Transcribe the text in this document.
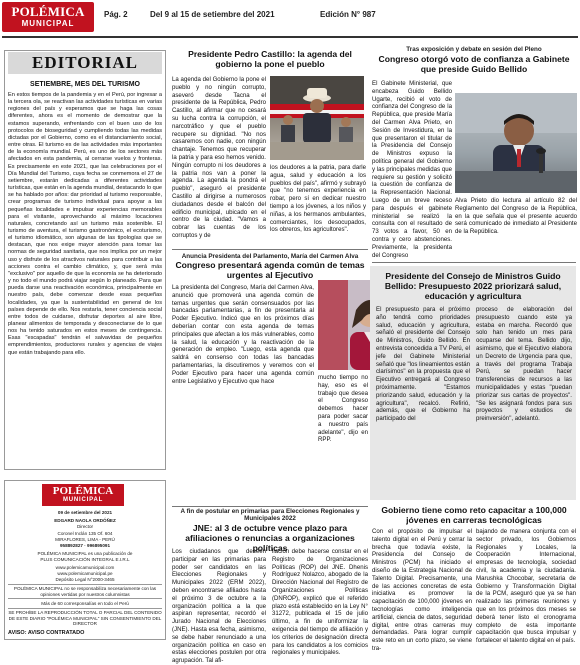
POLÉMICA
MUNICIPAL
Pág. 2	Del 9 al 15 de setiembre del 2021	Edición N° 987
EDITORIAL
SETIEMBRE, MES DEL TURISMO
En estos tiempos de la pandemia y en el Perú, por ingresar a la tercera ola, se reactivan las actividades turísticas en varias regiones del país y esperamos que se haga las cosas diferentes, ahora es el momento de demostrar que la estamos superando, enfrentando con el buen uso de los protocolos de bioseguridad y cumpliendo todas las medidas dictadas por el Gobierno, como es el distanciamiento social, entre otras. El turismo es de las actividades más importantes de la economía mundial. Perú, es uno de los sectores más afectados en esta pandemia, al cerrarse vuelos y fronteras. Es precisamente en este 2021, que las celebraciones por el Día Mundial del Turismo, cuya fecha se conmemora el 27 de setiembre, estarán dedicadas a diferentes actividades turísticas, que están en la agenda mundial, destacando lo que se ha hablado por años: dar prioridad al turismo responsable, crear programas de turismo individual para apoyar a las pequeñas localidades e impulsar experiencias memorables para el visitante, aprovechando al máximo locaciones naturales, concretando así un turismo más sostenible. El turismo de aventura, el turismo gastronómico, el ecoturismo, el turismo idiomático, son algunas de las tipologías que se destacan, que nos exige mayor atención para tomar las normas de seguridad sanitaria, que nos implica por un mejor uso y disfrute de los atractivos naturales para contribuir a las acciones contra el cambio climático, y, que será más "exclusivo" por aquello de que la economía se ha deteriorado y no todo el mundo podrá viajar según lo planeado. Para que pueda darse una reactivación económica, principalmente en nuestro país, debe comenzar desde esas pequeñas localidades, ya que la sustentabilidad en general de los países depende de ello. Nos restaría, tener conciencia social entre todos de cuidarse, disfrutar deportes al aire libre, planear alimentos de temporada y desconectarse de lo que nos ha tenido saturados en estos meses de contingencia. Esas "escapadas" tendrán el salvavidas de pequeños emprendimientos, productores rurales y agencias de viajes que están trabajando para ello.
POLÉMICA
MUNICIPAL
09 de setiembre del 2021
EDGARD NAOLA ORDÓÑEZ
Director
Coronel Inclán 135 Of. 604
MIRAFLORES, LIMA - PERÚ
958892827 · 996895091
POLÉMICA MUNICIPAL es una publicación de
PLUS COMUNICACIÓN INTEGRAL E.I.R.L
www.polemicamunicipal.com
www.polemicamunicipal.pe
Depósito Legal N°2000-3465
POLÉMICA MUNICIPAL no se responsabiliza necesariamente con las opiniones vertidas por nuestros columnistas
Más de 60 corresponsalías en todo el Perú
SE PROHÍBE LA REPRODUCCIÓN TOTAL O PARCIAL DEL CONTENIDO DE ESTE DIARIO "POLÉMICA MUNICIPAL" SIN CONSENTIMIENTO DEL DIRECTOR
AVISO: AVISO CONTRATADO
Presidente Pedro Castillo: la agenda del gobierno la pone el pueblo
La agenda del Gobierno la pone el pueblo y no ningún corrupto, aseveró desde Tacna el presidente de la República, Pedro Castillo, al afirmar que no cesará su lucha contra la corrupción, el narcotráfico y que el pueblo recupere su dignidad. "No nos casaremos con nadie, con ningún chantaje. Tenemos que recuperar la patria y para eso hemos venido. Ningún corrupto ni los deudores a la patria nos van a poner la agenda. La agenda la pondrá el pueblo", aseguró el presidente Castillo al dirigirse a numerosos ciudadanos desde el balcón del edificio municipal, ubicado en el centro de la ciudad. "Vamos a cobrar las cuentas de los corruptos y de
los deudores a la patria, para darle agua, salud y educación a los pueblos del país", afirmó y subrayó que "no tenemos experiencia en robar, pero sí en dedicar nuestro tiempo a los jóvenes, a los niños y niñas, a los hermanos ambulantes, comerciantes, los desocupados, los obreros, los agricultores".
Tras exposición y debate en sesión del Pleno
Congreso otorgó voto de confianza a Gabinete que preside Guido Bellido
El Gabinete Ministerial, que encabeza Guido Bellido Ugarte, recibió el voto de confianza del Congreso de la República, que preside María del Carmen Alva Prieto, en Sesión de Investidura, en la que presentaron el titular de la Presidencia del Consejo de Ministros expuso la política general del Gobierno y las principales medidas que requiere su gestión y solicitó la cuestión de confianza de la Representación Nacional. Luego de un breve receso para después el gabinete ministerial se realizó la consulta con el resultado de 73 votos a favor, 50 en contra y cero abstenciones. Previamente, la presidenta del Congreso
Alva Prieto dio lectura al artículo 82 del Reglamento del Congreso de la República, en la que señala que el presente acuerdo será comunicado de inmediato al Presidente de la República.
Anuncia Presidenta del Parlamento, María del Carmen Alva
Congreso presentará agenda común de temas urgentes al Ejecutivo
La presidenta del Congreso, María del Carmen Alva, anunció que promoverá una agenda común de temas urgentes que serán consensuados por las bancadas parlamentarias, a fin de presentarla al Poder Ejecutivo. Indicó que en los próximos días deberían contar con esta agenda de temas principales que afectan a los más vulnerables, como la salud, la educación y la reactivación de la generación de empleo. "Luego, esta agenda que saldrá en consenso con todas las bancadas parlamentarias, la discutiremos y veremos con el Poder Ejecutivo para hacer una agenda común entre Legislativo y Ejecutivo que hace
mucho tiempo no hay, eso es el trabajo que desea el Congreso debemos hacer para poder sacar a nuestro país adelante", dijo en RPP.
Presidente del Consejo de Ministros Guido Bellido: Presupuesto 2022 priorizará salud, educación y agricultura
El presupuesto para el próximo año tendrá como prioridades salud, educación y agricultura, señaló el presidente del Consejo de Ministros, Guido Bellido. En entrevista concedida a TV Perú, el jefe del Gabinete Ministerial señaló que "los lineamientos están clarísimos" en la propuesta que el Ejecutivo entregará al Congreso próximamente. "Estamos priorizando salud, educación y la agricultura", recalcó. Refirió, además, que el Gobierno ha participado del
proceso de elaboración del presupuesto cuando este ya estaba en marcha. Recordó que solo han tenido un mes para ocuparse del tema. Bellido dijo, asimismo, que el Ejecutivo elabora un Decreto de Urgencia para que, a través del programa Trabaja Perú, se puedan hacer transferencias de recursos a las municipalidades y estas "puedan priorizar sus cartas de proyectos". "Se les asignará fondos para sus proyectos y estudios de preinversión", adelantó.
A fin de postular en primarias para Elecciones Regionales y Municipales 2022
JNE: al 3 de octubre vence plazo para afiliaciones o renuncias a organizaciones políticas
Los ciudadanos que deseen participar en las primarias para poder ser candidatos en las Elecciones Regionales y Municipales 2022 (ERM 2022), deben encontrarse afiliados hasta el próximo 3 de octubre a la organización política a la que aspiran representar, recordó el Jurado Nacional de Elecciones (JNE). Hasta esa fecha, asimismo, se debe haber renunciado a una organización política en caso en estas elecciones postulen por otra agrupación. Tal afi-
liación debe hacerse constar en el Registro de Organizaciones Políticas (ROP) del JNE. Dhenis Rodríguez Nolazco, abogado de la Dirección Nacional del Registro de Organizaciones Políticas (DNROP), explicó que el referido plazo está establecido en la Ley N° 31272, publicada el 15 de julio último, a fin de uniformizar la exigencia del tiempo de afiliación y los criterios de designación directa para los candidatos a los comicios regionales y municipales.
Gobierno tiene como reto capacitar a 100,000 jóvenes en carreras tecnológicas
Con el propósito de impulsar el talento digital en el Perú y cerrar la brecha que todavía existe, la Presidencia del Consejo de Ministros (PCM) ha iniciado el diseño de la Estrategia Nacional de Talento Digital. Precisamente, una de las acciones concretas de esta iniciativa es promover la capacitación de 100,000 jóvenes en tecnologías como inteligencia artificial, ciencia de datos, seguridad digital, entre otras carreras muy demandadas. Para lograr cumplir este reto en un corto plazo, se viene tra-
bajando de manera conjunta con el sector privado, los Gobiernos Regionales y Locales, la Cooperación Internacional, empresas de tecnología, sociedad civil, la academia y la ciudadanía. Marushka Chocobar, secretaria de Gobierno y Transformación Digital de la PCM, aseguró que ya se han realizado las primeras reuniones y que en los próximos dos meses se deberá tener listo el cronograma completo de esta importante capacitación que busca impulsar y fortalecer el talento digital en el país.
